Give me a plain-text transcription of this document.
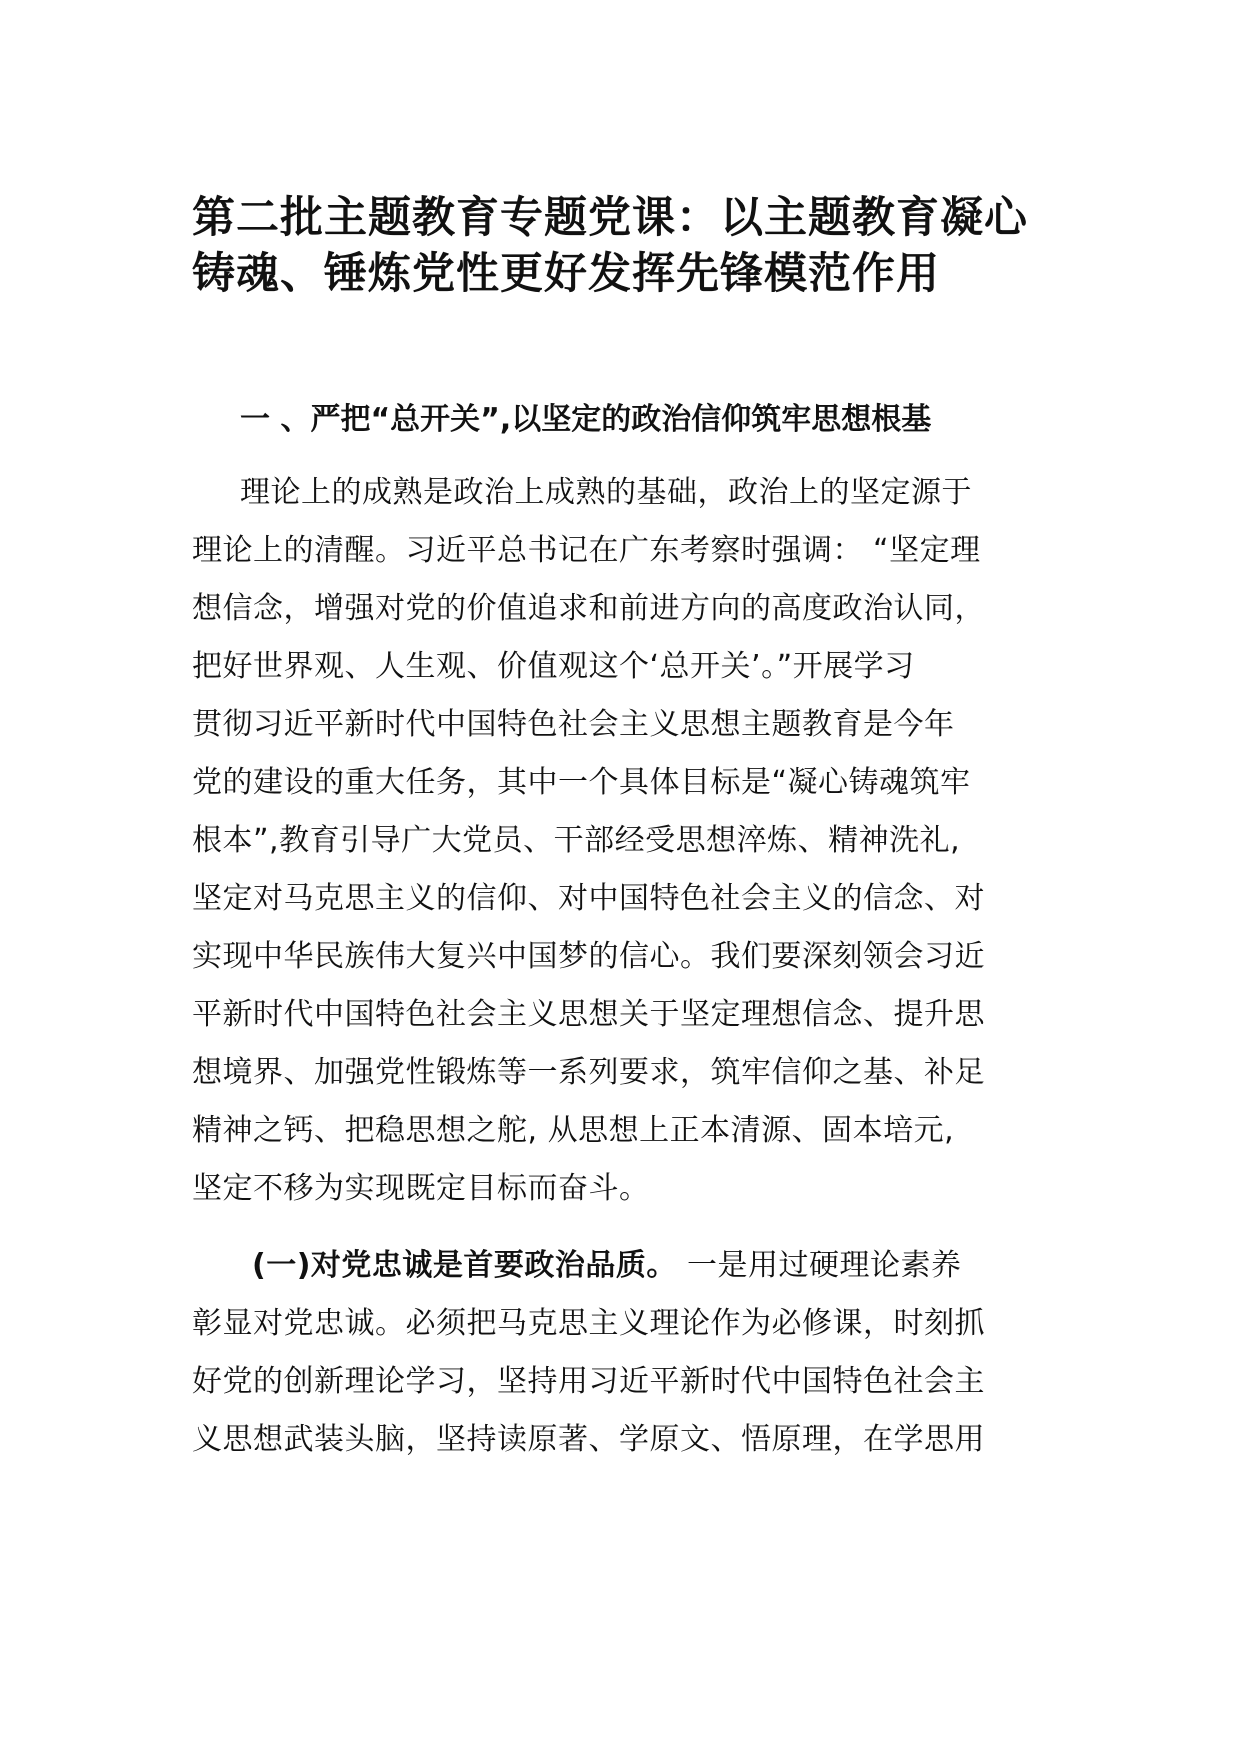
第二批主题教育专题党课：以主题教育凝心
铸魂、锤炼党性更好发挥先锋模范作用
一 、严把“总开关”,以坚定的政治信仰筑牢思想根基
理论上的成熟是政治上成熟的基础，政治上的坚定源于
理论上的清醒。习近平总书记在广东考察时强调： “坚定理
想信念，增强对党的价值追求和前进方向的高度政治认同，
把好世界观、人生观、价值观这个‘总开关’。”开展学习
贯彻习近平新时代中国特色社会主义思想主题教育是今年
党的建设的重大任务，其中一个具体目标是“凝心铸魂筑牢
根本”,教育引导广大党员、干部经受思想淬炼、精神洗礼,
坚定对马克思主义的信仰、对中国特色社会主义的信念、对
实现中华民族伟大复兴中国梦的信心。我们要深刻领会习近
平新时代中国特色社会主义思想关于坚定理想信念、提升思
想境界、加强党性锻炼等一系列要求，筑牢信仰之基、补足
精神之钙、把稳思想之舵, 从思想上正本清源、固本培元,
坚定不移为实现既定目标而奋斗。
(一)对党忠诚是首要政治品质。 一是用过硬理论素养
彰显对党忠诚。必须把马克思主义理论作为必修课，时刻抓
好党的创新理论学习，坚持用习近平新时代中国特色社会主
义思想武装头脑，坚持读原著、学原文、悟原理，在学思用
